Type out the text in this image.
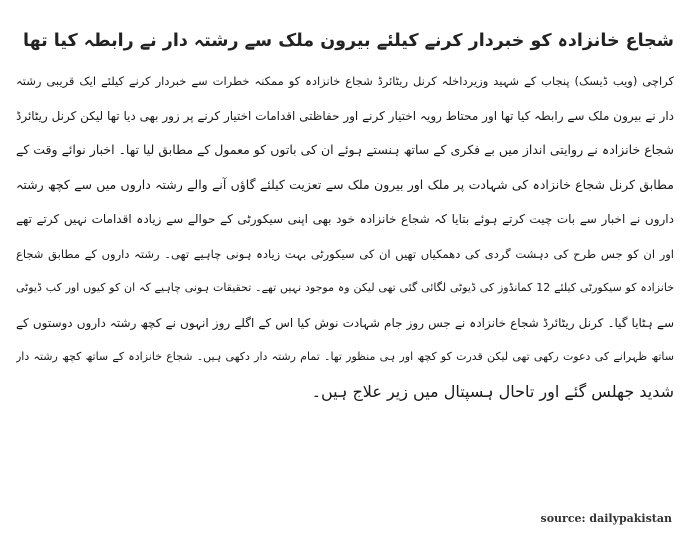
شجاع خانزادہ کو خبردار کرنے کیلئے بیرون ملک سے رشتہ دار نے رابطہ کیا تھا
کراچی (ویب ڈیسک) پنجاب کے شہید وزیرداخلہ کرنل ریٹائرڈ شجاع خانزادہ کو ممکنہ خطرات سے خبردار کرنے کیلئے ایک قریبی رشتہ
دار نے بیرون ملک سے رابطہ کیا تھا اور محتاط رویہ اختیار کرنے اور حفاظتی اقدامات اختیار کرنے پر زور بھی دیا تھا لیکن کرنل ریٹائرڈ
شجاع خانزادہ نے روایتی انداز میں بے فکری کے ساتھ ہنستے ہوئے ان کی باتوں کو معمول کے مطابق لیا تھا۔ اخبار نوائے وقت کے
مطابق کرنل شجاع خانزادہ کی شہادت پر ملک اور بیرون ملک سے تعزیت کیلئے گاؤں آنے والے رشتہ داروں میں سے کچھ رشتہ
داروں نے اخبار سے بات چیت کرتے ہوئے بتایا کہ شجاع خانزادہ خود بھی اپنی سیکورٹی کے حوالے سے زیادہ اقدامات نہیں کرتے تھے
اور ان کو جس طرح کی دہشت گردی کی دھمکیاں تھیں ان کی سیکورٹی بہت زیادہ ہونی چاہیے تھی۔ رشتہ داروں کے مطابق شجاع
خانزادہ کو سیکورٹی کیلئے 12 کمانڈوز کی ڈیوٹی لگائی گئی تھی لیکن وہ موجود نہیں تھے۔ تحقیقات ہونی چاہیے کہ ان کو کیوں اور کب ڈیوٹی
سے ہٹایا گیا۔ کرنل ریٹائرڈ شجاع خانزادہ نے جس روز جام شہادت نوش کیا اس کے اگلے روز انہوں نے کچھ رشتہ داروں دوستوں کے
ساتھ ظہرانے کی دعوت رکھی تھی لیکن قدرت کو کچھ اور ہی منظور تھا۔ تمام رشتہ دار دکھی ہیں۔ شجاع خانزادہ کے ساتھ کچھ رشتہ دار
شدید جھلس گئے اور تاحال ہسپتال میں زیر علاج ہیں۔
source: dailypakistan
